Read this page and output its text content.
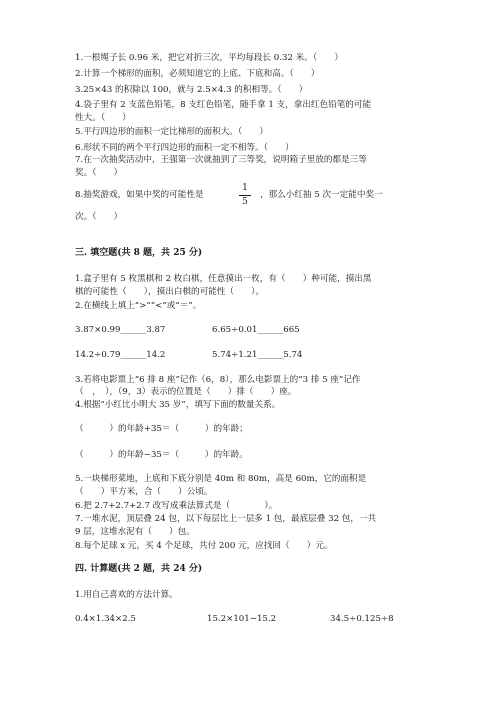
1.一根绳子长 0.96 米，把它对折三次，平均每段长 0.32 米。（　　）

2.计算一个梯形的面积，必须知道它的上底、下底和高。（　　）

3.25×43 的积除以 100，就与 2.5×4.3 的积相等。（　　）

4.袋子里有 2 支蓝色铅笔，8 支红色铅笔，随手拿 1 支，拿出红色铅笔的可能

性大。（　　）

5.平行四边形的面积一定比梯形的面积大。（　　）

6.形状不同的两个平行四边形的面积一定不相等。（　　）

7.在一次抽奖活动中，王强第一次就抽到了三等奖，说明箱子里放的都是三等

奖。（　　）

8.抽奖游戏，如果中奖的可能性是	$\frac{1}{5}$ ，那么小红抽 5 次一定能中奖一

次。（　　）

三. 填空题(共 8 题，共 25 分)

1.盒子里有 5 枚黑棋和 2 枚白棋，任意摸出一枚，有（　　）种可能，摸出黑

棋的可能性（　　），摸出白棋的可能性（　　）。

2.在横线上填上“>”“<”或“＝”。

3.87×0.99______3.87	6.65÷0.01______665
14.2÷0.79______14.2	5.74÷1.21______5.74

3.若将电影票上“6 排 8 座”记作（6，8），那么电影票上的“3 排 5 座”记作

（　，　），（9，3）表示的位置是（　　）排（　　）座。

4.根据“小红比小明大 35 岁”，填写下面的数量关系。

（　　　）的年龄+35＝（　　　）的年龄；

（　　　）的年龄−35＝（　　　）的年龄。

5.一块梯形菜地，上底和下底分别是 40m 和 80m，高是 60m，它的面积是

（　　）平方米，合（　　）公顷。

6.把 2.7+2.7+2.7 改写成乘法算式是（　　　　）。

7.一堆水泥，顶层叠 24 包，以下每层比上一层多 1 包，最底层叠 32 包，一共

9 层，这堆水泥有（　　）包。

8.每个足球 x 元，买 4 个足球，共付 200 元，应找回（　　）元。

四. 计算题(共 2 题，共 24 分)

1.用自己喜欢的方法计算。

0.4×1.34×2.5	15.2×101−15.2	34.5÷0.125÷8
